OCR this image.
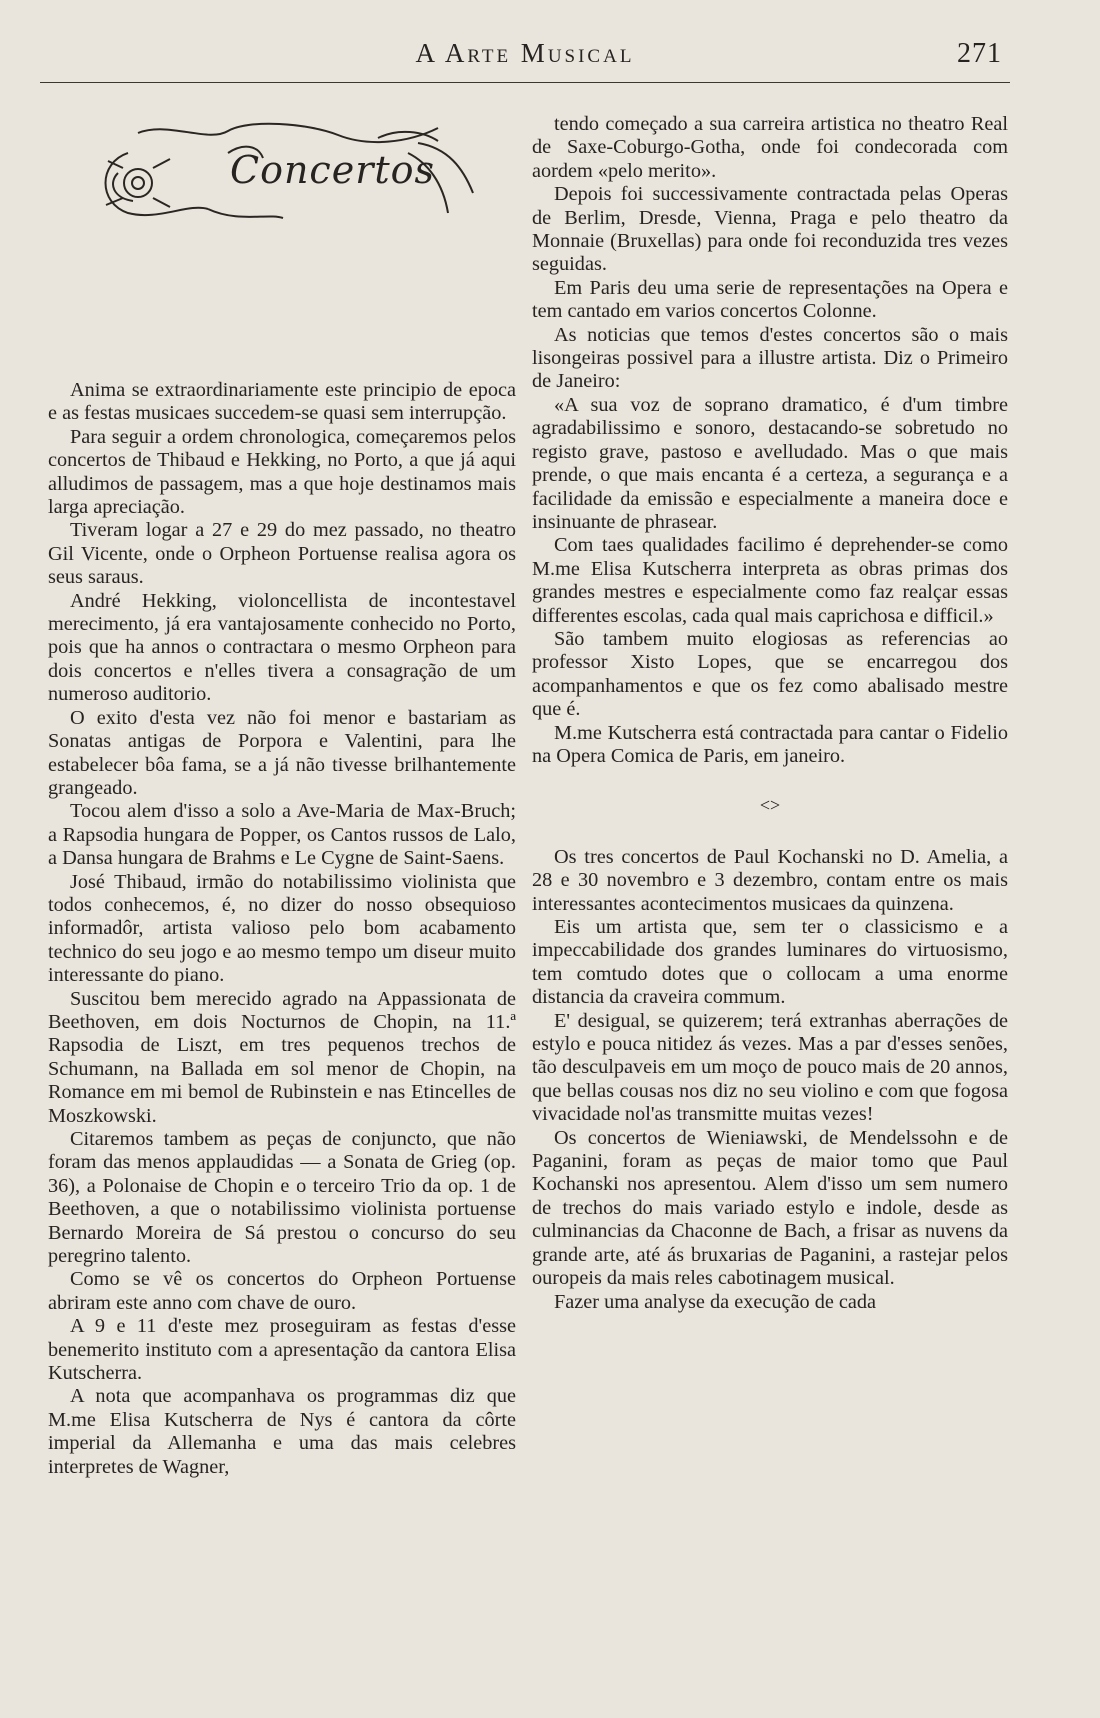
A Arte Musical	271
Concertos

Anima se extraordinariamente este principio de epoca e as festas musicaes succedem-se quasi sem interrupção.

Para seguir a ordem chronologica, começaremos pelos concertos de Thibaud e Hekking, no Porto, a que já aqui alludimos de passagem, mas a que hoje destinamos mais larga apreciação.

Tiveram logar a 27 e 29 do mez passado, no theatro Gil Vicente, onde o Orpheon Portuense realisa agora os seus saraus.

André Hekking, violoncellista de incontestavel merecimento, já era vantajosamente conhecido no Porto, pois que ha annos o contractara o mesmo Orpheon para dois concertos e n'elles tivera a consagração de um numeroso auditorio.

O exito d'esta vez não foi menor e bastariam as Sonatas antigas de Porpora e Valentini, para lhe estabelecer bôa fama, se a já não tivesse brilhantemente grangeado.

Tocou alem d'isso a solo a Ave-Maria de Max-Bruch; a Rapsodia hungara de Popper, os Cantos russos de Lalo, a Dansa hungara de Brahms e Le Cygne de Saint-Saens.

José Thibaud, irmão do notabilissimo violinista que todos conhecemos, é, no dizer do nosso obsequioso informadôr, artista valioso pelo bom acabamento technico do seu jogo e ao mesmo tempo um diseur muito interessante do piano.

Suscitou bem merecido agrado na Appassionata de Beethoven, em dois Nocturnos de Chopin, na 11.ª Rapsodia de Liszt, em tres pequenos trechos de Schumann, na Ballada em sol menor de Chopin, na Romance em mi bemol de Rubinstein e nas Etincelles de Moszkowski.

Citaremos tambem as peças de conjuncto, que não foram das menos applaudidas — a Sonata de Grieg (op. 36), a Polonaise de Chopin e o terceiro Trio da op. 1 de Beethoven, a que o notabilissimo violinista portuense Bernardo Moreira de Sá prestou o concurso do seu peregrino talento.

Como se vê os concertos do Orpheon Portuense abriram este anno com chave de ouro.

A 9 e 11 d'este mez proseguiram as festas d'esse benemerito instituto com a apresentação da cantora Elisa Kutscherra.

A nota que acompanhava os programmas diz que M.me Elisa Kutscherra de Nys é cantora da côrte imperial da Allemanha e uma das mais celebres interpretes de Wagner,

tendo começado a sua carreira artistica no theatro Real de Saxe-Coburgo-Gotha, onde foi condecorada com aordem «pelo merito».

Depois foi successivamente contractada pelas Operas de Berlim, Dresde, Vienna, Praga e pelo theatro da Monnaie (Bruxellas) para onde foi reconduzida tres vezes seguidas.

Em Paris deu uma serie de representações na Opera e tem cantado em varios concertos Colonne.

As noticias que temos d'estes concertos são o mais lisongeiras possivel para a illustre artista. Diz o Primeiro de Janeiro:

«A sua voz de soprano dramatico, é d'um timbre agradabilissimo e sonoro, destacando-se sobretudo no registo grave, pastoso e avelludado. Mas o que mais prende, o que mais encanta é a certeza, a segurança e a facilidade da emissão e especialmente a maneira doce e insinuante de phrasear.

Com taes qualidades facilimo é deprehender-se como M.me Elisa Kutscherra interpreta as obras primas dos grandes mestres e especialmente como faz realçar essas differentes escolas, cada qual mais caprichosa e difficil.»

São tambem muito elogiosas as referencias ao professor Xisto Lopes, que se encarregou dos acompanhamentos e que os fez como abalisado mestre que é.

M.me Kutscherra está contractada para cantar o Fidelio na Opera Comica de Paris, em janeiro.

<>

Os tres concertos de Paul Kochanski no D. Amelia, a 28 e 30 novembro e 3 dezembro, contam entre os mais interessantes acontecimentos musicaes da quinzena.

Eis um artista que, sem ter o classicismo e a impeccabilidade dos grandes luminares do virtuosismo, tem comtudo dotes que o collocam a uma enorme distancia da craveira commum.

E' desigual, se quizerem; terá extranhas aberrações de estylo e pouca nitidez ás vezes. Mas a par d'esses senões, tão desculpaveis em um moço de pouco mais de 20 annos, que bellas cousas nos diz no seu violino e com que fogosa vivacidade nol'as transmitte muitas vezes!

Os concertos de Wieniawski, de Mendelssohn e de Paganini, foram as peças de maior tomo que Paul Kochanski nos apresentou. Alem d'isso um sem numero de trechos do mais variado estylo e indole, desde as culminancias da Chaconne de Bach, a frisar as nuvens da grande arte, até ás bruxarias de Paganini, a rastejar pelos ouropeis da mais reles cabotinagem musical.

Fazer uma analyse da execução de cada
